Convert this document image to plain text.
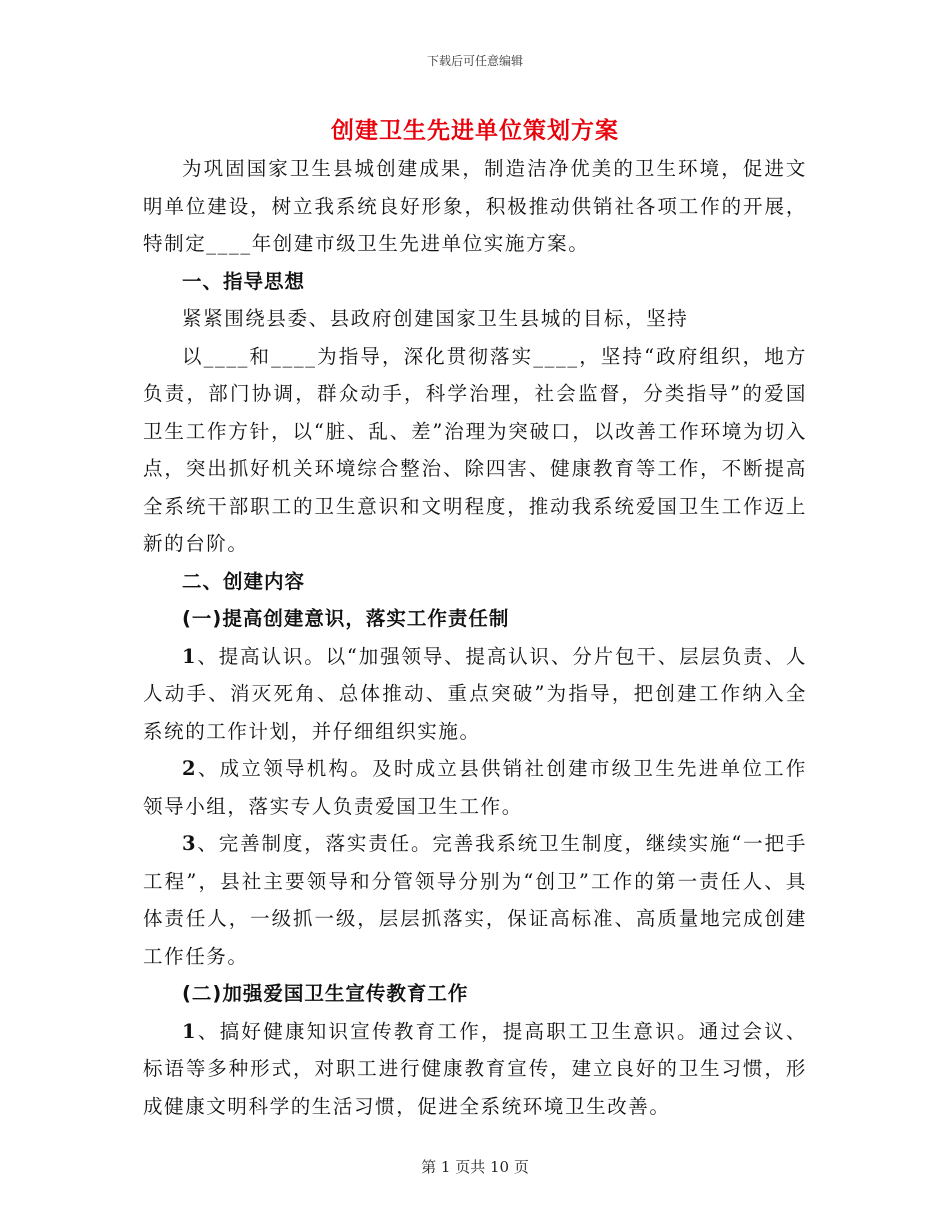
下载后可任意编辑
创建卫生先进单位策划方案

为巩固国家卫生县城创建成果，制造洁净优美的卫生环境，促进文明单位建设，树立我系统良好形象，积极推动供销社各项工作的开展，特制定____年创建市级卫生先进单位实施方案。

一、指导思想

紧紧围绕县委、县政府创建国家卫生县城的目标，坚持

以____和____为指导，深化贯彻落实____，坚持“政府组织，地方负责，部门协调，群众动手，科学治理，社会监督，分类指导”的爱国卫生工作方针，以“脏、乱、差”治理为突破口，以改善工作环境为切入点，突出抓好机关环境综合整治、除四害、健康教育等工作，不断提高全系统干部职工的卫生意识和文明程度，推动我系统爱国卫生工作迈上新的台阶。

二、创建内容

(一)提高创建意识，落实工作责任制

1、提高认识。以“加强领导、提高认识、分片包干、层层负责、人人动手、消灭死角、总体推动、重点突破”为指导，把创建工作纳入全系统的工作计划，并仔细组织实施。

2、成立领导机构。及时成立县供销社创建市级卫生先进单位工作领导小组，落实专人负责爱国卫生工作。

3、完善制度，落实责任。完善我系统卫生制度，继续实施“一把手工程”，县社主要领导和分管领导分别为“创卫”工作的第一责任人、具体责任人，一级抓一级，层层抓落实，保证高标准、高质量地完成创建工作任务。

(二)加强爱国卫生宣传教育工作

1、搞好健康知识宣传教育工作，提高职工卫生意识。通过会议、标语等多种形式，对职工进行健康教育宣传，建立良好的卫生习惯，形成健康文明科学的生活习惯，促进全系统环境卫生改善。

第 1 页共 10 页
